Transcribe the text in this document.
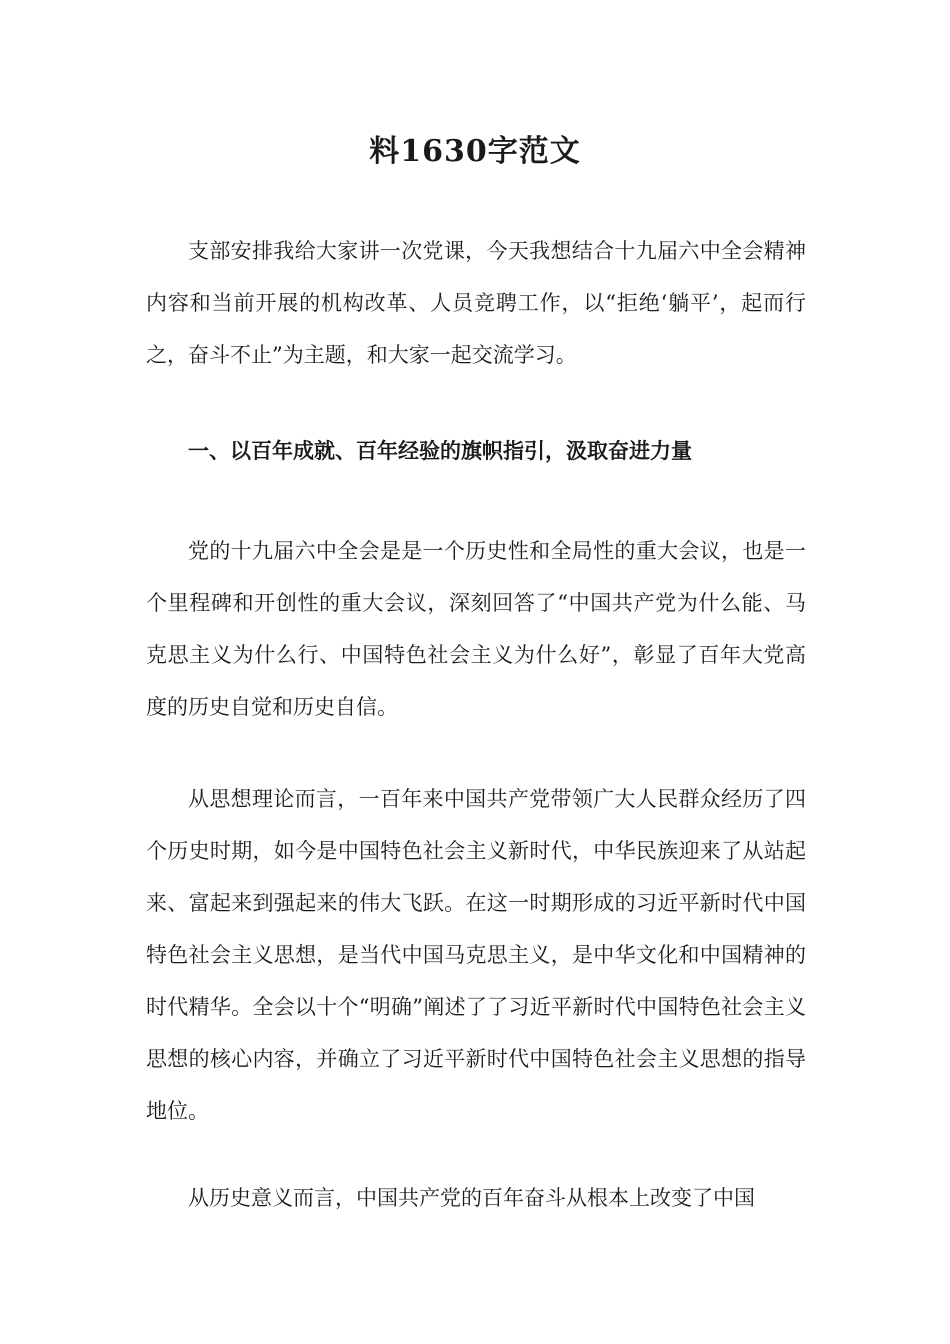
料1630字范文

支部安排我给大家讲一次党课，今天我想结合十九届六中全会精神内容和当前开展的机构改革、人员竞聘工作，以“拒绝‘躺平’，起而行之，奋斗不止”为主题，和大家一起交流学习。

一、以百年成就、百年经验的旗帜指引，汲取奋进力量

党的十九届六中全会是是一个历史性和全局性的重大会议，也是一个里程碑和开创性的重大会议，深刻回答了“中国共产党为什么能、马克思主义为什么行、中国特色社会主义为什么好”，彰显了百年大党高度的历史自觉和历史自信。

从思想理论而言，一百年来中国共产党带领广大人民群众经历了四个历史时期，如今是中国特色社会主义新时代，中华民族迎来了从站起来、富起来到强起来的伟大飞跃。在这一时期形成的习近平新时代中国特色社会主义思想，是当代中国马克思主义，是中华文化和中国精神的时代精华。全会以十个“明确”阐述了了习近平新时代中国特色社会主义思想的核心内容，并确立了习近平新时代中国特色社会主义思想的指导地位。

从历史意义而言，中国共产党的百年奋斗从根本上改变了中国
